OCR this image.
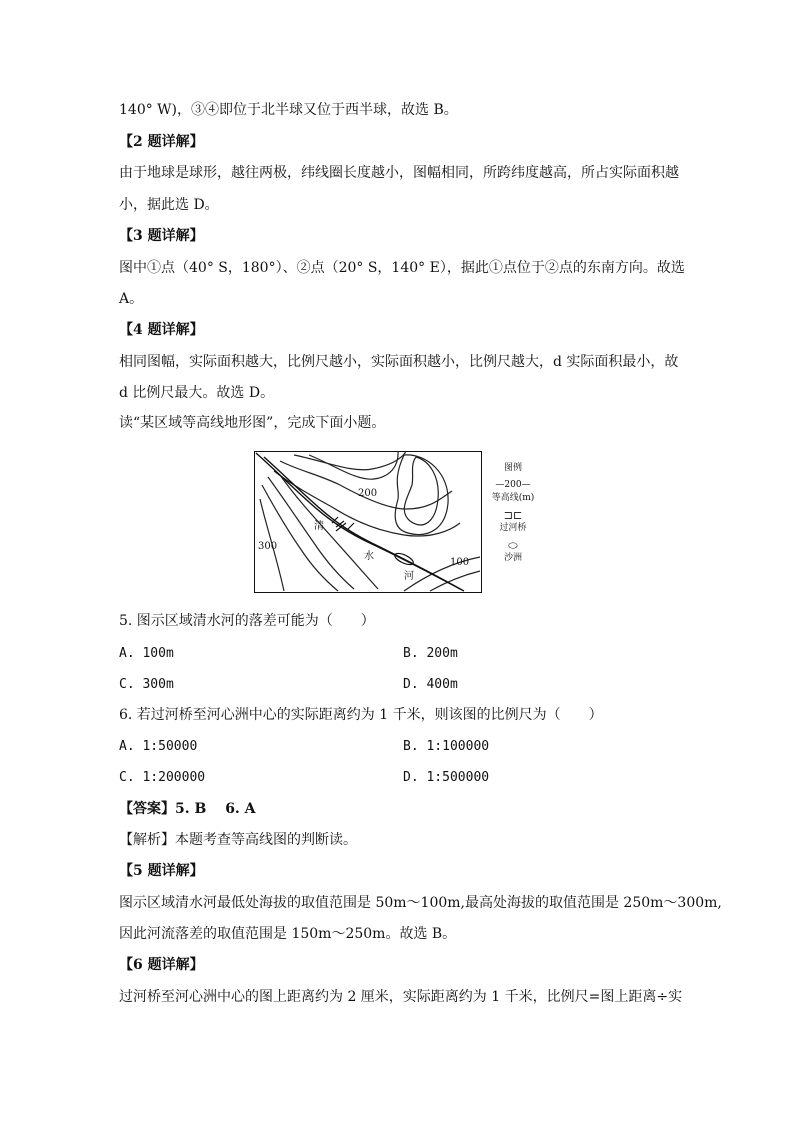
140° W)，③④即位于北半球又位于西半球，故选 B。
【2 题详解】
由于地球是球形，越往两极，纬线圈长度越小，图幅相同，所跨纬度越高，所占实际面积越
小，据此选 D。
【3 题详解】
图中①点（40° S，180°）、②点（20° S，140° E），据此①点位于②点的东南方向。故选
A。
【4 题详解】
相同图幅，实际面积越大，比例尺越小，实际面积越小，比例尺越大，d 实际面积最小，故
d 比例尺最大。故选 D。
读“某区域等高线地形图”，完成下面小题。
200
300
100
清
水
河
图例
—200—
等高线(m)
⊐⊏
过河桥
⬭
沙洲
5. 图示区域清水河的落差可能为（　　）
A. 100m	B. 200m
C. 300m	D. 400m
6. 若过河桥至河心洲中心的实际距离约为 1 千米，则该图的比例尺为（　　）
A. 1:50000	B. 1:100000
C. 1:200000	D. 1:500000
【答案】5. B　 6. A
【解析】本题考查等高线图的判断读。
【5 题详解】
图示区域清水河最低处海拔的取值范围是 50m～100m,最高处海拔的取值范围是 250m～300m,
因此河流落差的取值范围是 150m～250m。故选 B。
【6 题详解】
过河桥至河心洲中心的图上距离约为 2 厘米，实际距离约为 1 千米，比例尺=图上距离÷实
